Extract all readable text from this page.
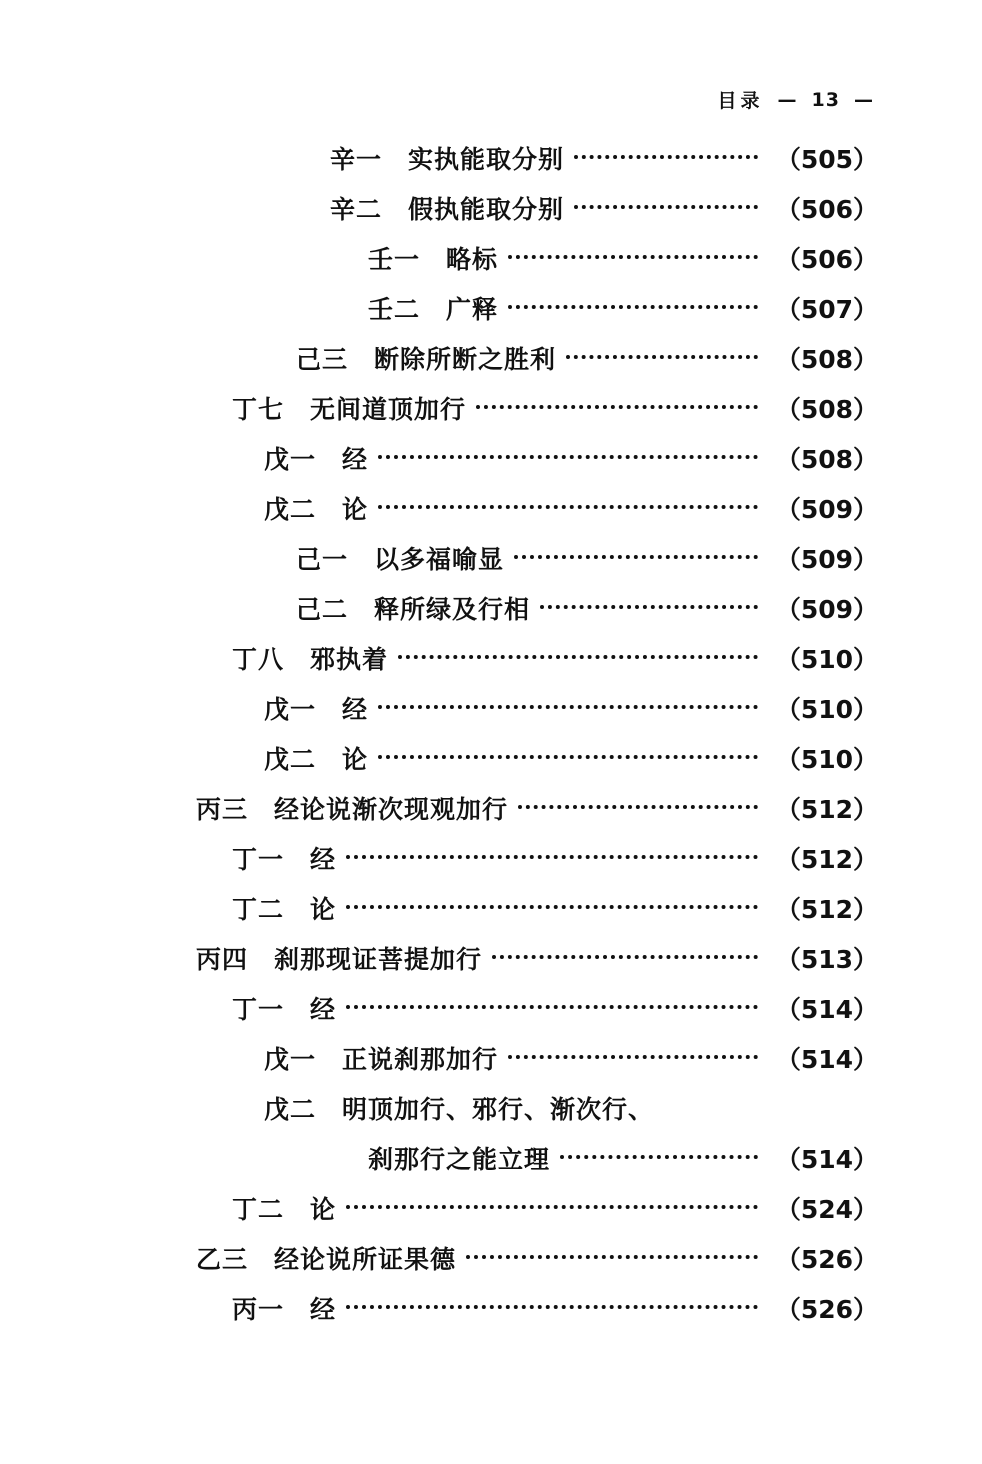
目录 — 13 —
辛一　实执能取分别	（505）
辛二　假执能取分别	（506）
壬一　略标	（506）
壬二　广释	（507）
己三　断除所断之胜利	（508）
丁七　无间道顶加行	（508）
戊一　经	（508）
戊二　论	（509）
己一　以多福喻显	（509）
己二　释所绿及行相	（509）
丁八　邪执着	（510）
戊一　经	（510）
戊二　论	（510）
丙三　经论说渐次现观加行	（512）
丁一　经	（512）
丁二　论	（512）
丙四　刹那现证菩提加行	（513）
丁一　经	（514）
戊一　正说刹那加行	（514）
戊二　明顶加行、邪行、渐次行、
刹那行之能立理	（514）
丁二　论	（524）
乙三　经论说所证果德	（526）
丙一　经	（526）
